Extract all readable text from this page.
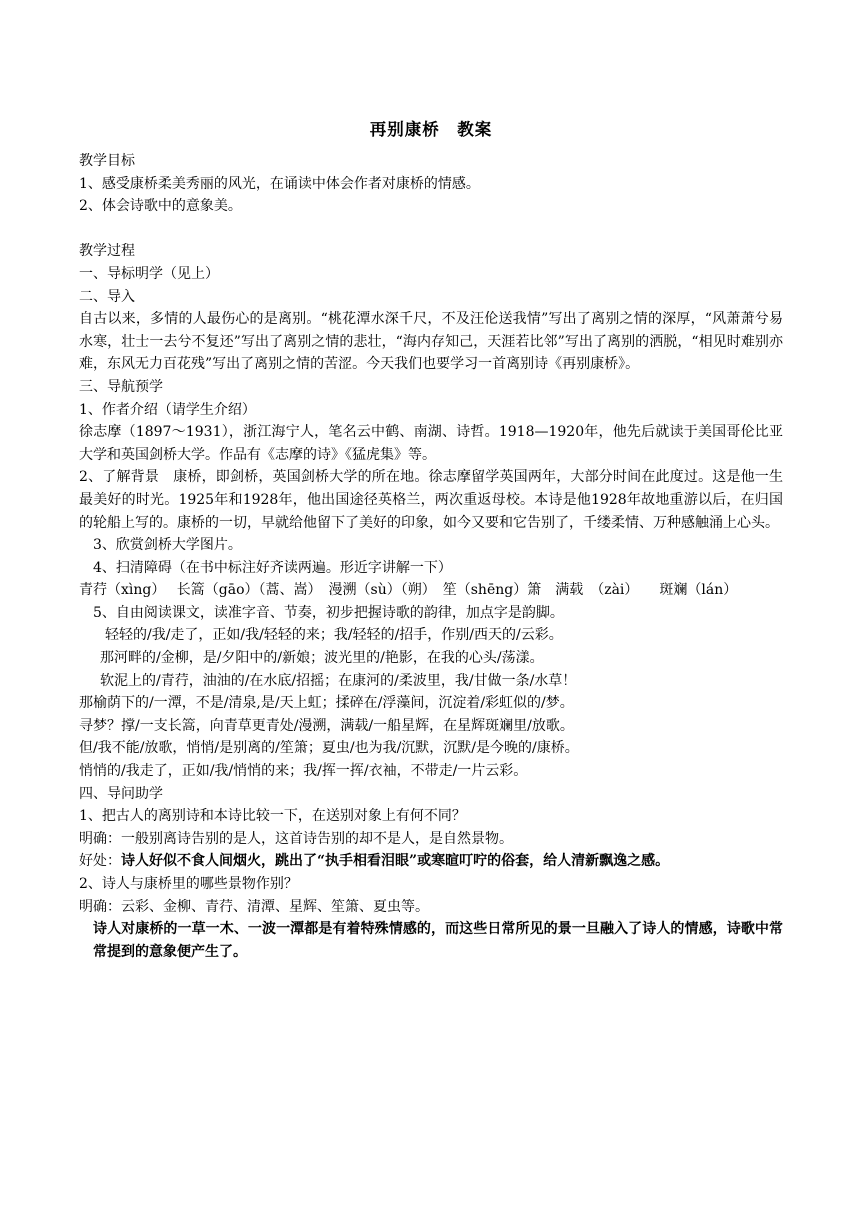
再别康桥　教案
教学目标
1、感受康桥柔美秀丽的风光，在诵读中体会作者对康桥的情感。
2、体会诗歌中的意象美。
教学过程
一、导标明学（见上）
二、导入
自古以来，多情的人最伤心的是离别。“桃花潭水深千尺，不及汪伦送我情”写出了离别之情的深厚，“风萧萧兮易水寒，壮士一去兮不复还”写出了离别之情的悲壮，“海内存知己，天涯若比邻”写出了离别的洒脱，“相见时难别亦难，东风无力百花残”写出了离别之情的苦涩。今天我们也要学习一首离别诗《再别康桥》。
三、导航预学
1、作者介绍（请学生介绍）
徐志摩（1897～1931），浙江海宁人，笔名云中鹤、南湖、诗哲。1918—1920年，他先后就读于美国哥伦比亚大学和英国剑桥大学。作品有《志摩的诗》《猛虎集》等。
2、了解背景　康桥，即剑桥，英国剑桥大学的所在地。徐志摩留学英国两年，大部分时间在此度过。这是他一生最美好的时光。1925年和1928年，他出国途径英格兰，两次重返母校。本诗是他1928年故地重游以后，在归国的轮船上写的。康桥的一切，早就给他留下了美好的印象，如今又要和它告别了，千缕柔情、万种感触涌上心头。
3、欣赏剑桥大学图片。
4、扫清障碍（在书中标注好齐读两遍。形近字讲解一下）
青荇（xìng）　 长篙（gāo）（蒿、嵩）　漫溯（sù）（朔）　笙（shēng）箫　满载　（zài）　　斑斓（lán）
5、自由阅读课文，读准字音、节奏，初步把握诗歌的韵律，加点字是韵脚。
轻轻的/我/走了，正如/我/轻轻的来；我/轻轻的/招手，作别/西天的/云彩。
那河畔的/金柳，是/夕阳中的/新娘；波光里的/艳影，在我的心头/荡漾。
软泥上的/青荇，油油的/在水底/招摇；在康河的/柔波里，我/甘做一条/水草！
那榆荫下的/一潭，不是/清泉,是/天上虹；揉碎在/浮藻间，沉淀着/彩虹似的/梦。
寻梦？撑/一支长篙，向青草更青处/漫溯，满载/一船星辉，在星辉斑斓里/放歌。
但/我不能/放歌，悄悄/是别离的/笙箫；夏虫/也为我/沉默，沉默/是今晚的/康桥。
悄悄的/我走了，正如/我/悄悄的来；我/挥一挥/衣袖，不带走/一片云彩。
四、导问助学
1、把古人的离别诗和本诗比较一下，在送别对象上有何不同？
明确：一般别离诗告别的是人，这首诗告别的却不是人，是自然景物。
好处：诗人好似不食人间烟火，跳出了“执手相看泪眼”或寒暄叮咛的俗套，给人清新飘逸之感。
2、诗人与康桥里的哪些景物作别？
明确：云彩、金柳、青荇、清潭、星辉、笙箫、夏虫等。
诗人对康桥的一草一木、一波一潭都是有着特殊情感的，而这些日常所见的景一旦融入了诗人的情感，诗歌中常常提到的意象便产生了。
